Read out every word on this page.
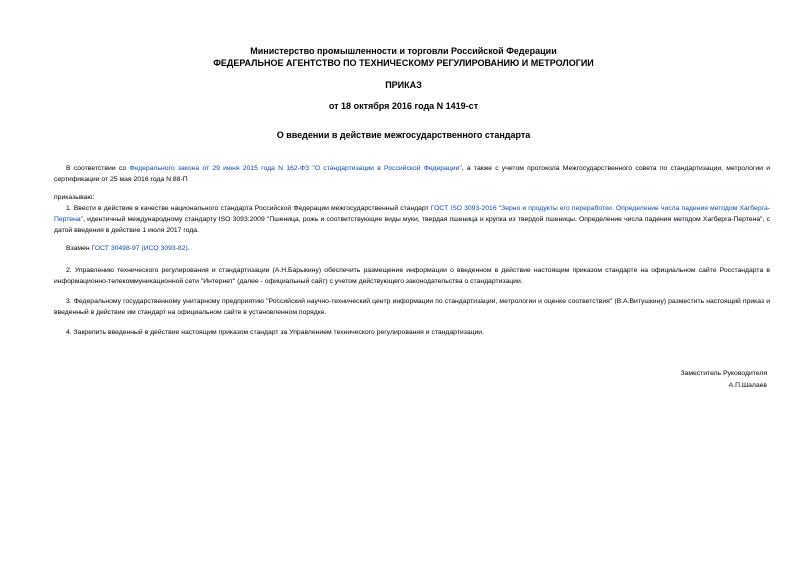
Министерство промышленности и торговли Российской Федерации
ФЕДЕРАЛЬНОЕ АГЕНТСТВО ПО ТЕХНИЧЕСКОМУ РЕГУЛИРОВАНИЮ И МЕТРОЛОГИИ
ПРИКАЗ
от 18 октября 2016 года N 1419-ст
О введении в действие межгосударственного стандарта
В соответствии со Федерального закона от 29 июня 2015 года N 162-ФЗ "О стандартизации в Российской Федерации", а также с учетом протокола Межгосударственного совета по стандартизации, метрологии и сертификации от 25 мая 2016 года N 88-П
приказываю:
1. Ввести в действие в качестве национального стандарта Российской Федерации межгосударственный стандарт ГОСТ ISO 3093-2016 "Зерно и продукты его переработки. Определение числа падения методом Хагберга-Пертена", идентичный международному стандарту ISO 3093:2009 "Пшеница, рожь и соответствующие виды муки, твердая пшеница и крупка из твердой пшеницы. Определение числа падения методом Хагберга-Пертена", с датой введения в действие 1 июля 2017 года.
Взамен ГОСТ 30498-97 (ИСО 3093-82).
2. Управлению технического регулирования и стандартизации (А.Н.Барыкину) обеспечить размещение информации о введенном в действие настоящим приказом стандарте на официальном сайте Росстандарта в информационно-телекоммуникационной сети "Интернет" (далее - официальный сайт) с учетом действующего законодательства о стандартизации.
3. Федеральному государственному унитарному предприятию "Российский научно-технический центр информации по стандартизации, метрологии и оценке соответствия" (В.А.Витушкину) разместить настоящий приказ и введенный в действие им стандарт на официальном сайте в установленном порядке.
4. Закрепить введенный в действие настоящим приказом стандарт за Управлением технического регулирования и стандартизации.
Заместитель Руководителя
А.П.Шалаев
